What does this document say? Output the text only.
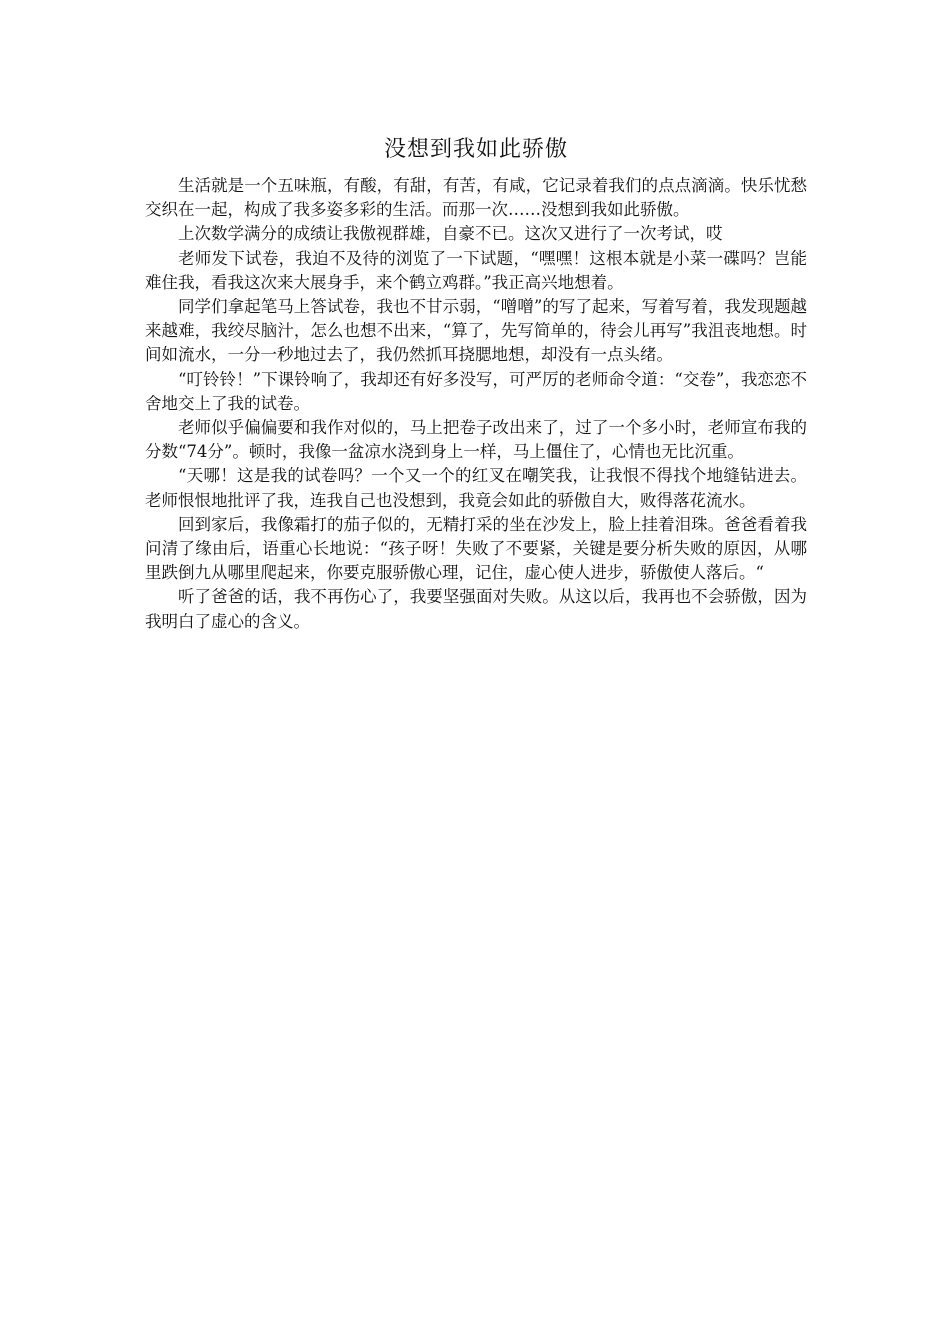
没想到我如此骄傲

生活就是一个五味瓶，有酸，有甜，有苦，有咸，它记录着我们的点点滴滴。快乐忧愁交织在一起，构成了我多姿多彩的生活。而那一次……没想到我如此骄傲。

上次数学满分的成绩让我傲视群雄，自豪不已。这次又进行了一次考试，哎

老师发下试卷，我迫不及待的浏览了一下试题，“嘿嘿！这根本就是小菜一碟吗？岂能难住我，看我这次来大展身手，来个鹤立鸡群。”我正高兴地想着。

同学们拿起笔马上答试卷，我也不甘示弱，“噌噌”的写了起来，写着写着，我发现题越来越难，我绞尽脑汁，怎么也想不出来，“算了，先写简单的，待会儿再写”我沮丧地想。时间如流水，一分一秒地过去了，我仍然抓耳挠腮地想，却没有一点头绪。

“叮铃铃！”下课铃响了，我却还有好多没写，可严厉的老师命令道：“交卷”，我恋恋不舍地交上了我的试卷。

老师似乎偏偏要和我作对似的，马上把卷子改出来了，过了一个多小时，老师宣布我的分数“74分”。顿时，我像一盆凉水浇到身上一样，马上僵住了，心情也无比沉重。

“天哪！这是我的试卷吗？一个又一个的红叉在嘲笑我，让我恨不得找个地缝钻进去。老师恨恨地批评了我，连我自己也没想到，我竟会如此的骄傲自大，败得落花流水。

回到家后，我像霜打的茄子似的，无精打采的坐在沙发上，脸上挂着泪珠。爸爸看着我问清了缘由后，语重心长地说：“孩子呀！失败了不要紧，关键是要分析失败的原因，从哪里跌倒九从哪里爬起来，你要克服骄傲心理，记住，虚心使人进步，骄傲使人落后。“

听了爸爸的话，我不再伤心了，我要坚强面对失败。从这以后，我再也不会骄傲，因为我明白了虚心的含义。
